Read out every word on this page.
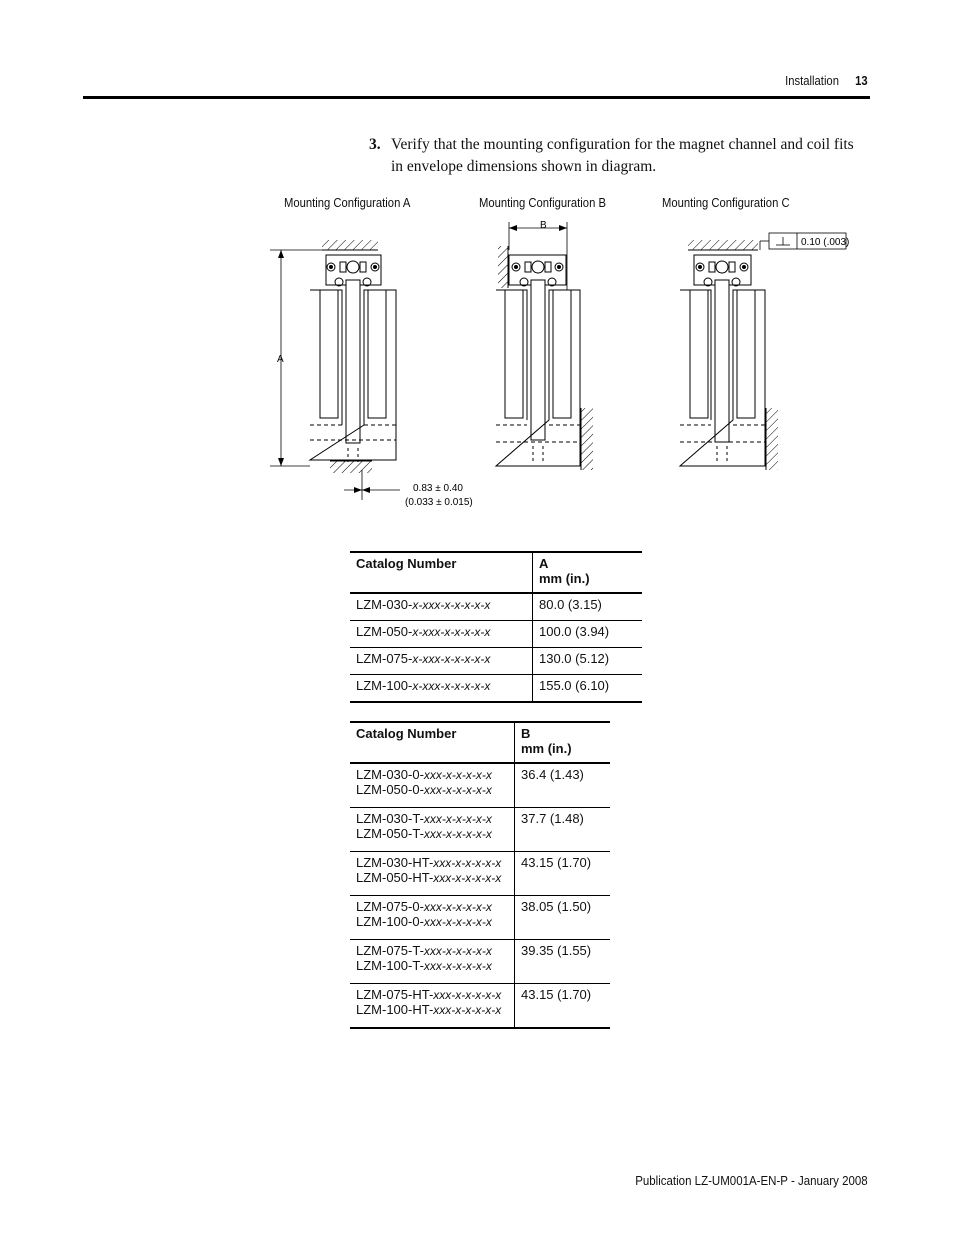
Installation 13
3. Verify that the mounting configuration for the magnet channel and coil fits in envelope dimensions shown in diagram.
Mounting Configuration A	Mounting Configuration B	Mounting Configuration C
A
0.83 ± 0.40
(0.033 ± 0.015)
B
0.10 (.003)
Catalog Number	A
mm (in.)

LZM-030-x-xxx-x-x-x-x-x	80.0 (3.15)
LZM-050-x-xxx-x-x-x-x-x	100.0 (3.94)
LZM-075-x-xxx-x-x-x-x-x	130.0 (5.12)
LZM-100-x-xxx-x-x-x-x-x	155.0 (6.10)
Catalog Number	B
mm (in.)

LZM-030-0-xxx-x-x-x-x-x
LZM-050-0-xxx-x-x-x-x-x	36.4 (1.43)

LZM-030-T-xxx-x-x-x-x-x
LZM-050-T-xxx-x-x-x-x-x	37.7 (1.48)

LZM-030-HT-xxx-x-x-x-x-x
LZM-050-HT-xxx-x-x-x-x-x	43.15 (1.70)

LZM-075-0-xxx-x-x-x-x-x
LZM-100-0-xxx-x-x-x-x-x	38.05 (1.50)

LZM-075-T-xxx-x-x-x-x-x
LZM-100-T-xxx-x-x-x-x-x	39.35 (1.55)

LZM-075-HT-xxx-x-x-x-x-x
LZM-100-HT-xxx-x-x-x-x-x	43.15 (1.70)
Publication LZ-UM001A-EN-P - January 2008
